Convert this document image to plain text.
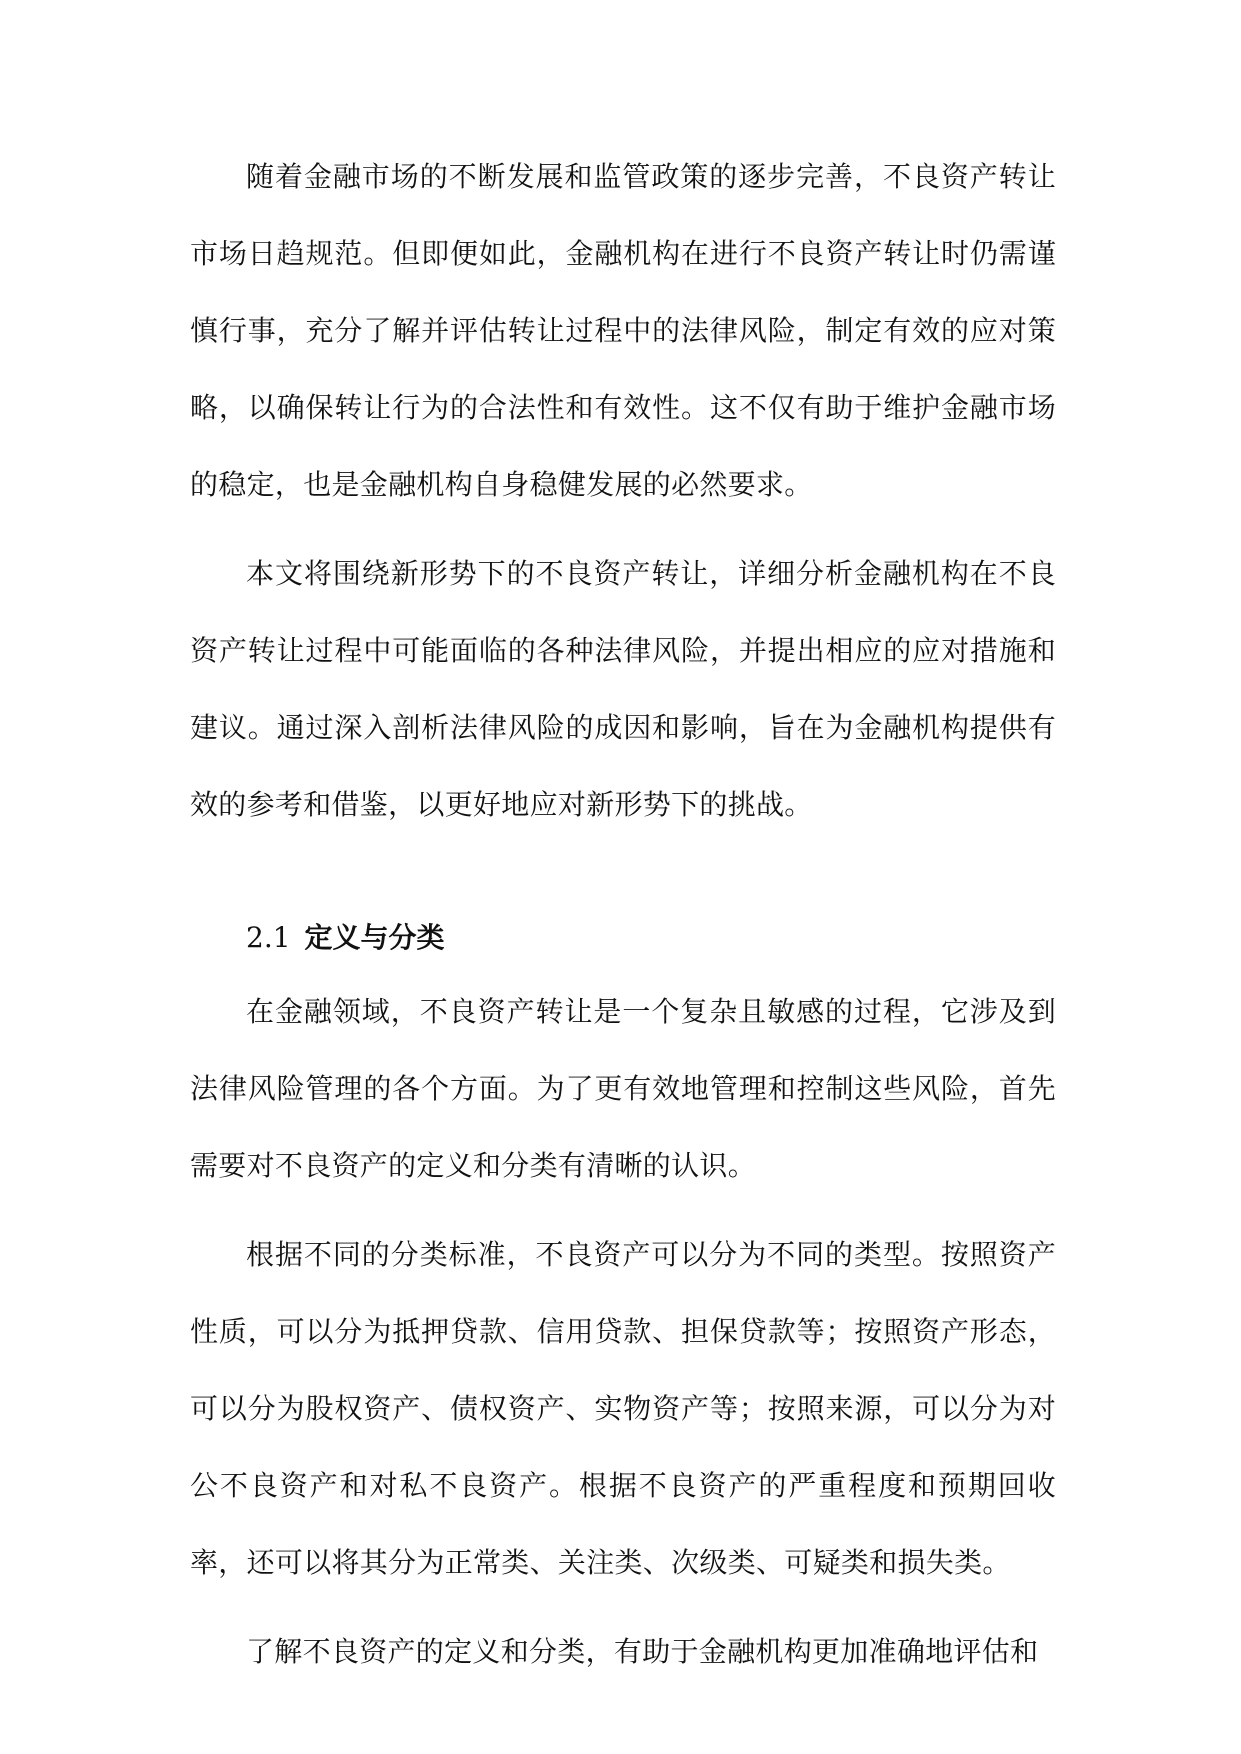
随着金融市场的不断发展和监管政策的逐步完善，不良资产转让市场日趋规范。但即便如此，金融机构在进行不良资产转让时仍需谨慎行事，充分了解并评估转让过程中的法律风险，制定有效的应对策略，以确保转让行为的合法性和有效性。这不仅有助于维护金融市场的稳定，也是金融机构自身稳健发展的必然要求。

本文将围绕新形势下的不良资产转让，详细分析金融机构在不良资产转让过程中可能面临的各种法律风险，并提出相应的应对措施和建议。通过深入剖析法律风险的成因和影响，旨在为金融机构提供有效的参考和借鉴，以更好地应对新形势下的挑战。

2.1 定义与分类

在金融领域，不良资产转让是一个复杂且敏感的过程，它涉及到法律风险管理的各个方面。为了更有效地管理和控制这些风险，首先需要对不良资产的定义和分类有清晰的认识。

根据不同的分类标准，不良资产可以分为不同的类型。按照资产性质，可以分为抵押贷款、信用贷款、担保贷款等；按照资产形态，可以分为股权资产、债权资产、实物资产等；按照来源，可以分为对公不良资产和对私不良资产。根据不良资产的严重程度和预期回收率，还可以将其分为正常类、关注类、次级类、可疑类和损失类。

了解不良资产的定义和分类，有助于金融机构更加准确地评估和
